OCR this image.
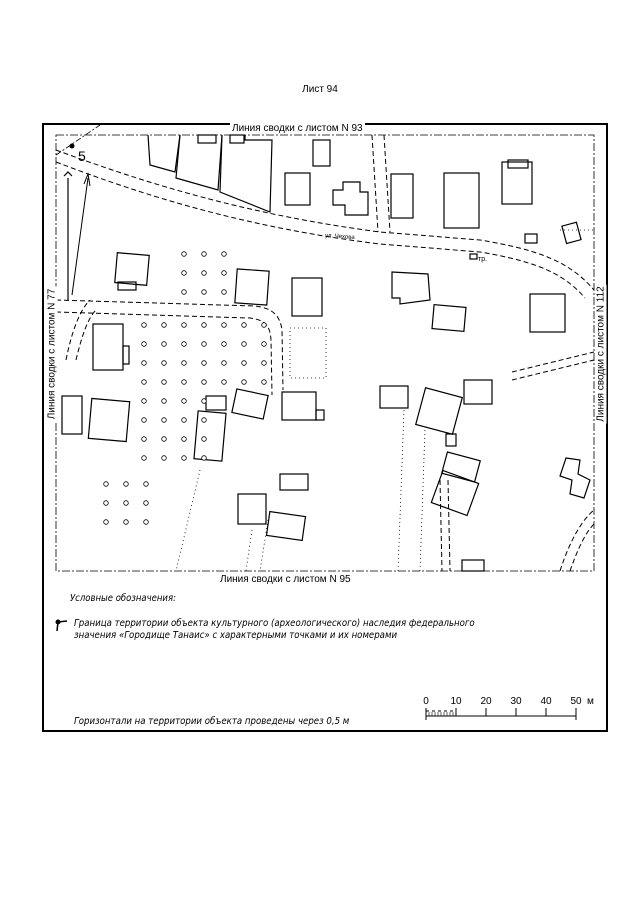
Лист 94
Линия сводки с листом N 93
Линия сводки с листом N 95
Линия сводки с листом N 77	Линия сводки с листом N 112
5
ул. Чехова
тр.
Условные обозначения:
Граница территории объекта культурного (археологического) наследия федерального
значения «Городище Танаис» с характерными точками и их номерами
Горизонтали на территории объекта проведены через 0,5 м
0 10 20 30 40 50 м
